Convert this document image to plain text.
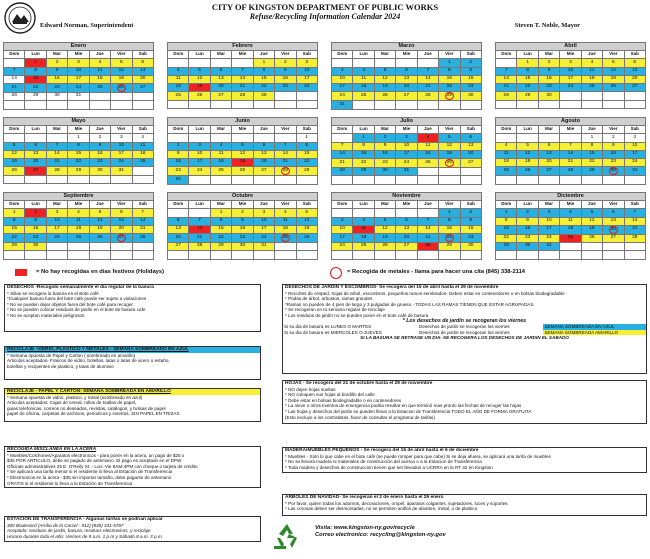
CITY OF KINGSTON DEPARTMENT OF PUBLIC WORKS
Refuse/Recycling Information Calendar 2024
Edward Norman, Superintendent	Steven T. Noble, Mayor
Enero						
Dom	Lun	Mar	Mie	Jue	Vier	Sab
	1	2	3	4	5	6
7	8	9	10	11	12	13
14	15	16	17	18	19	20
21	22	23	24	25	26	27
28	29	30	31			

Febrero						
Dom	Lun	Mar	Mie	Jue	Vier	Sab
				1	2	3
4	5	6	7	8	9	10
11	12	13	14	15	16	17
18	19	20	21	22	23	24
25	26	27	28	29		

Marzo						
Dom	Lun	Mar	Mie	Jue	Vier	Sab
					1	2
3	4	5	6	7	8	9
10	11	12	13	14	15	16
17	18	19	20	21	22	23
24	25	26	27	28	29	30
31						
Abril						
Dom	Lun	Mar	Mie	Jue	Vier	Sab
	1	2	3	4	5	6
7	8	9	10	11	12	13
14	15	16	17	18	19	20
21	22	23	24	25	26	27
28	29	30				

Mayo						
Dom	Lun	Mar	Mie	Jue	Vier	Sab
			1	2	3	4
5	6	7	8	9	10	11
12	13	14	15	16	17	18
19	20	21	22	23	24	25
26	27	28	29	30	31	

Junio						
Dom	Lun	Mar	Mie	Jue	Vier	Sab
						1
2	3	4	5	6	7	8
9	10	11	12	13	14	15
16	17	18	19	20	21	22
23	24	25	26	27	28	29
30						
Julio						
Dom	Lun	Mar	Mie	Jue	Vier	Sab
	1	2	3	4	5	6
7	8	9	10	11	12	13
14	15	16	17	18	19	20
21	22	23	24	25	26	27
28	29	30	31			

Agosto						
Dom	Lun	Mar	Mie	Jue	Vier	Sab
				1	2	3
4	5	6	7	8	9	10
11	12	13	14	15	16	17
18	19	20	21	22	23	24
25	26	27	28	29	30	31

Septiembre						
Dom	Lun	Mar	Mie	Jue	Vier	Sab
1	2	3	4	5	6	7
8	9	10	11	12	13	14
15	16	17	18	19	20	21
22	23	24	25	26	27	28
29	30					

Octubre						
Dom	Lun	Mar	Mie	Jue	Vier	Sab
		1	2	3	4	5
6	7	8	9	10	11	12
13	14	15	16	17	18	19
20	21	22	23	24	25	26
27	28	29	30	31		

Noviembre						
Dom	Lun	Mar	Mie	Jue	Vier	Sab
					1	2
3	4	5	6	7	8	9
10	11	12	13	14	15	16
17	18	19	20	21	22	23
24	25	26	27	28	29	30

Diciembre						
Dom	Lun	Mar	Mie	Jue	Vier	Sab
1	2	3	4	5	6	7
8	9	10	11	12	13	14
15	16	17	18	19	20	21
22	23	24	25	26	27	28
29	30	31				

= No hay recogidas en dias festivos (Holidays)	= Recogida de metales - llama para hacer una cita (845) 338-2114
DESECHOS -Recogido semanalmente el dia regular de la basura
* Siilas se recogera la basura en el Bote café
*Cualquier basura fuera del bote cafe puede ser sujeto a violaciones
* No se pueden dejar objetos fuera del bote café para recoger
* No se pueden colocar residuos de jardin en el bote de basura cafe
* No se aceptan materiales peligrosos
RECICLAJE -VIDRIO, PLASTICO Y METALES - SEMANA SOMBREADO EN AZUL
* Semana opuesta de Papel y Carton ( sombreado en amarillo)
Articulos aceptados- Frascos de vidrio, botellas, latas o latas de acero o estaño,
botellas y recipientes de plastico, y latas de aluminio
RECICLAJE - PAPEL Y CARTÓN- SEMANA SOMBREADA EN AMARILLO
* Semana opuesta de vidrio, plastico, y metal (sombreado en azul)
Articulos aceptados: Cajas de cereal, rollos de toallas de papel,
guias telefonicas, correos no deseados, revistas, catálogos, y bolsas de papel
papel de oficina, carpetas de archivos, periodicos y insertos. SIN PAPEL EN TRIZAS
RECOGIDA MISCLANEA EN LA ACERA
* Muebles/Colchones/Aparatos electronicos - para poner en la acera, un pago de $25 x
$35 POR ARTICULO, debe se pagado de antemano. El pago es aceptado en el DPW
Oficinas administratives 25 E. O'Reily St. - Lun.-Vie 8AM-4PM con cheque o tarjeta de crédito
* Se aplicará una tarifa menor si el residente lo lleva al Estación de Transferencia
* Electronicos en la acera - $35 sin importar tamaño, debe pagarse de antemano
GRATIS si el residente lo lleva a la Estación de Transferencia
ESTACIÓN DE TRANSFERENCIA - Algunas tarifas se podrian aplicar
300 Boulevard (Arriba de la Carcel - 912) (845) 331-5787
Aceptado: residuos de jardin, basura, residuos electronicos, y reciclaje
Horario durante todo el año: Viernes de 9 a.m. 1 p.m y Sábado 8 a.m. 3 p.m.
DESECHOS DE JARDÍN Y ESCOMBROS- Se recogera del 15 de abril hasta el 29 de noviembre
* Recortes de césped, hojas de arbol, escombros, pequeños ramos sembrados- Deben estar en contenedores o en bolsas biodegradable
* Podas de árbol, arbustos, ramas grandes
*Ramas no pueden de 4 pies de largo y 3 pulgadas de grueso - TODAS LAS RAMAS TIENEN QUE ESTAR AGRUPADAS
* Se recogerán en tu semana regular de reciclaje
* Los residuos de jardin no se pueden poner en el bote café de basura
* Los desechos de jardin se recogeran los viernes
Si su dia de basura es LUNES O MARTES	Desechos de jardin se recogeran los viernes	SEMANA SOMBREADA EN AZUL
Si su dia de basura es MIERCOLES O JUEVES	Desechos de jardin se recogeran los viernes	SEMANA SOMBREADA AMARILLO
SI LA BASURA SE RETRASE UN DIA- SE RECOGERA LOS DESECHOS DE JARDIN EL SABADO
HOJAS - Se recogera del 21 de octubre hasta el 29 de noviembre
* NO dejen hojas sueltas
* NO coloquen sus hojas al bordillo del calle
* Debe estar en bolsas biodegradable o en contenedores
* La nieve o otros eventos de emergencia podria resultar en que terminó mas pronto las fechas de recoger las hojas
* Las hojas y desechos del jardin se pueden llevar a la Estacion de Transferencia TODO EL AÑO DE FORMA GRATUITA
(Esto excluye a los contratistas, favor de consultar el programa de tarifas)
MADERA/MUEBLES PEQUEÑOS - Se recogera del 15 de abril hasta el 6 de diciembre
* Muebles - Solo lo que cabe en el bote café (se puede romper para que cabe) Si se deja afuera, se aplicará una tarifa de muebles
* No se llevará madera ni materiales de construcción del acerca o a la Estacion de Transferencia
* Toda madera y desechos de construccion tienen que ser llevados a UCRRA en la RT 32 en Kingston
ÁRBOLES DE NAVIDAD- Se recogeran el 2 de enero hasta el 26 enero
* Por favor, quiten todas los adornos, decoraciones, oropel, aparatos colgantes, sujetadores, luces y soportes
* Las coronas deben ser desmontadas, no se permiten anillos de alambre, metal, o de plastico
Visita: www.kingston-ny.gov/recycle
Correo electronico: recycling@kingston-ny.gov
